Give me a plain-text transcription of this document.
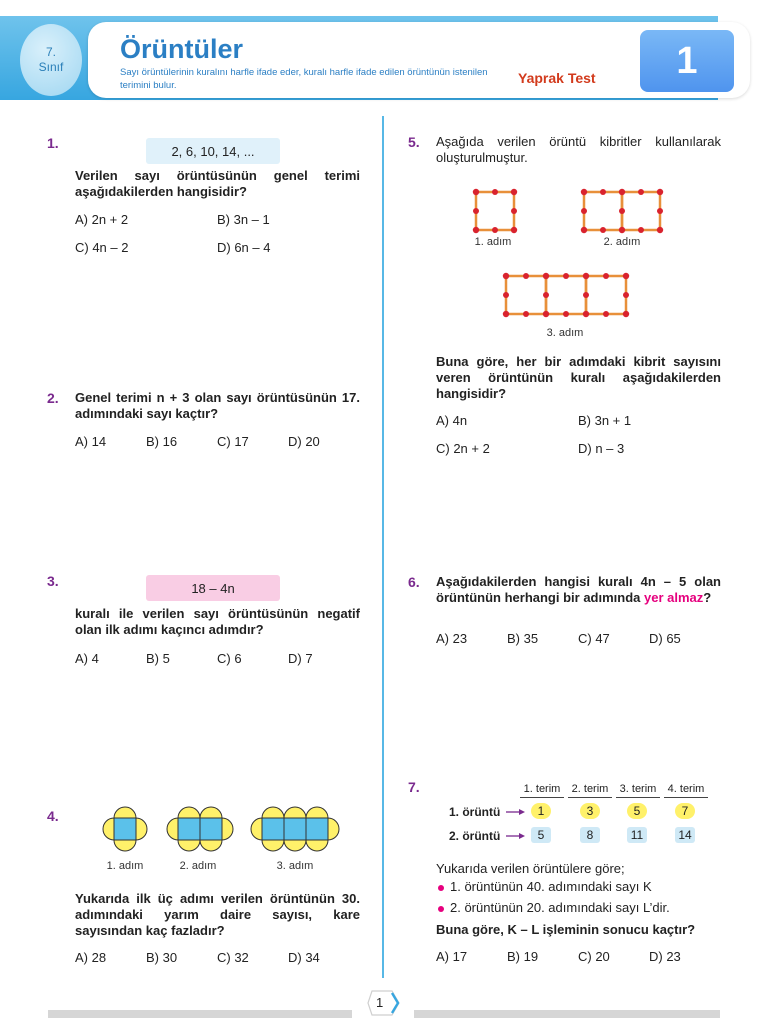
7.
Sınıf
Örüntüler
Sayı örüntülerinin kuralını harfle ifade eder, kuralı harfle ifade edilen örüntünün istenilen terimini bulur.	Yaprak Test 1
1.	2, 6, 10, 14, ...
Verilen sayı örüntüsünün genel terimi aşağıdakilerden hangisidir?
A) 2n + 2	B) 3n – 1
C) 4n – 2	D) 6n – 4
2. Genel terimi n + 3 olan sayı örüntüsünün 17. adımındaki sayı kaçtır?
A) 14	B) 16	C) 17	D) 20
3.	18 – 4n
kuralı ile verilen sayı örüntüsünün negatif olan ilk adımı kaçıncı adımdır?
A) 4	B) 5	C) 6	D) 7
4.
1. adım	2. adım	3. adım
Yukarıda ilk üç adımı verilen örüntünün 30. adımındaki yarım daire sayısı, kare sayısından kaç fazladır?
A) 28	B) 30	C) 32	D) 34
5. Aşağıda verilen örüntü kibritler kullanılarak oluşturulmuştur.
1. adım	2. adım
3. adım
Buna göre, her bir adımdaki kibrit sayısını veren örüntünün kuralı aşağıdakilerden hangisidir?
A) 4n	B) 3n + 1
C) 2n + 2	D) n – 3
6. Aşağıdakilerden hangisi kuralı 4n – 5 olan örüntünün herhangi bir adımında yer almaz?
A) 23	B) 35	C) 47	D) 65
7.	1. terim	2. terim	3. terim	4. terim
1. örüntü	1	3	5	7
2. örüntü	5	8	11	14
Yukarıda verilen örüntülere göre;
1. örüntünün 40. adımındaki sayı K
2. örüntünün 20. adımındaki sayı L’dir.
Buna göre, K – L işleminin sonucu kaçtır?
A) 17	B) 19	C) 20	D) 23
1
